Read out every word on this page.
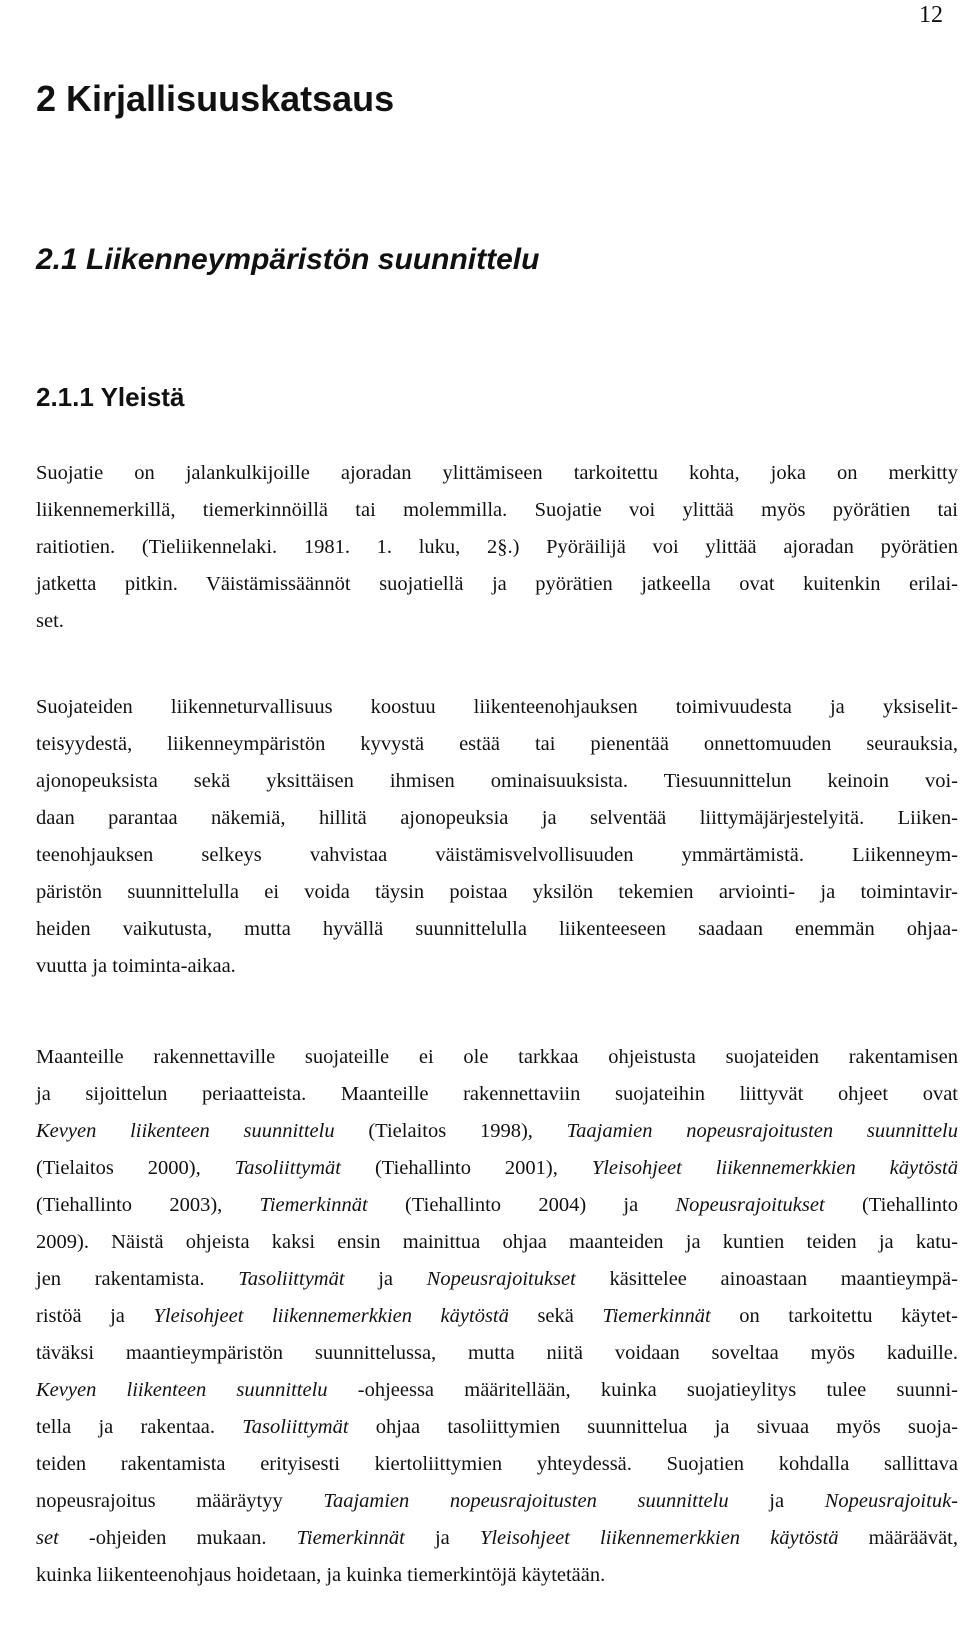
12
2 Kirjallisuuskatsaus
2.1 Liikenneympäristön suunnittelu
2.1.1 Yleistä
Suojatie on jalankulkijoille ajoradan ylittämiseen tarkoitettu kohta, joka on merkitty
liikennemerkillä, tiemerkinnöillä tai molemmilla. Suojatie voi ylittää myös pyörätien tai
raitiotien. (Tieliikennelaki. 1981. 1. luku, 2§.) Pyöräilijä voi ylittää ajoradan pyörätien
jatketta pitkin. Väistämissäännöt suojatiellä ja pyörätien jatkeella ovat kuitenkin erilai-
set.
Suojateiden liikenneturvallisuus koostuu liikenteenohjauksen toimivuudesta ja yksiselit-
teisyydestä, liikenneympäristön kyvystä estää tai pienentää onnettomuuden seurauksia,
ajonopeuksista sekä yksittäisen ihmisen ominaisuuksista. Tiesuunnittelun keinoin voi-
daan parantaa näkemiä, hillitä ajonopeuksia ja selventää liittymäjärjestelyitä. Liiken-
teenohjauksen selkeys vahvistaa väistämisvelvollisuuden ymmärtämistä. Liikenneym-
päristön suunnittelulla ei voida täysin poistaa yksilön tekemien arviointi- ja toimintavir-
heiden vaikutusta, mutta hyvällä suunnittelulla liikenteeseen saadaan enemmän ohjaa-
vuutta ja toiminta-aikaa.
Maanteille rakennettaville suojateille ei ole tarkkaa ohjeistusta suojateiden rakentamisen
ja sijoittelun periaatteista. Maanteille rakennettaviin suojateihin liittyvät ohjeet ovat
Kevyen liikenteen suunnittelu (Tielaitos 1998), Taajamien nopeusrajoitusten suunnittelu
(Tielaitos 2000), Tasoliittymät (Tiehallinto 2001), Yleisohjeet liikennemerkkien käytöstä
(Tiehallinto 2003), Tiemerkinnät (Tiehallinto 2004) ja Nopeusrajoitukset (Tiehallinto
2009). Näistä ohjeista kaksi ensin mainittua ohjaa maanteiden ja kuntien teiden ja katu-
jen rakentamista. Tasoliittymät ja Nopeusrajoitukset käsittelee ainoastaan maantieympä-
ristöä ja Yleisohjeet liikennemerkkien käytöstä sekä Tiemerkinnät on tarkoitettu käytet-
täväksi maantieympäristön suunnittelussa, mutta niitä voidaan soveltaa myös kaduille.
Kevyen liikenteen suunnittelu -ohjeessa määritellään, kuinka suojatieylitys tulee suunni-
tella ja rakentaa. Tasoliittymät ohjaa tasoliittymien suunnittelua ja sivuaa myös suoja-
teiden rakentamista erityisesti kiertoliittymien yhteydessä. Suojatien kohdalla sallittava
nopeusrajoitus määräytyy Taajamien nopeusrajoitusten suunnittelu ja Nopeusrajoituk-
set -ohjeiden mukaan. Tiemerkinnät ja Yleisohjeet liikennemerkkien käytöstä määräävät,
kuinka liikenteenohjaus hoidetaan, ja kuinka tiemerkintöjä käytetään.
